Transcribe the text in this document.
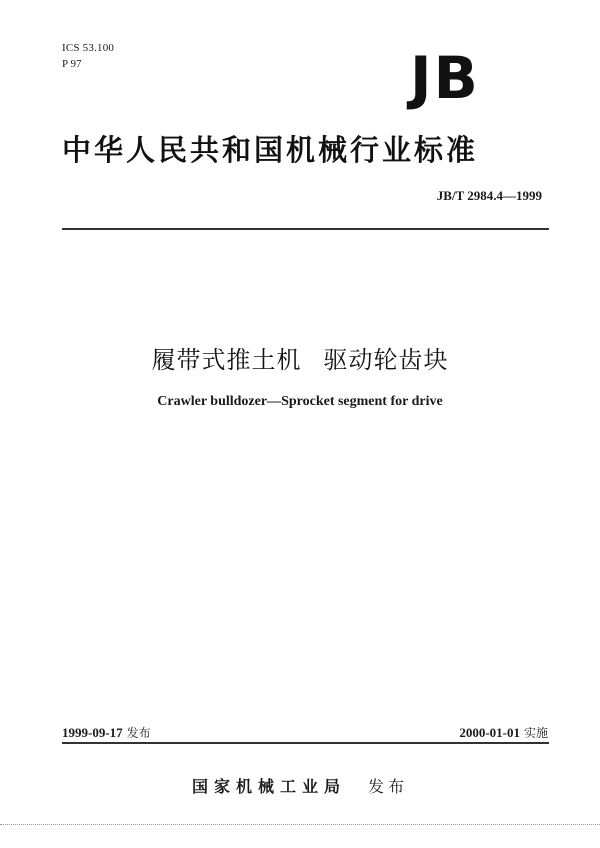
ICS 53.100
P 97	JB
中华人民共和国机械行业标准
JB/T 2984.4—1999
履带式推土机 驱动轮齿块
Crawler bulldozer—Sprocket segment for drive
1999-09-17 发布	2000-01-01 实施
国家机械工业局 发布
